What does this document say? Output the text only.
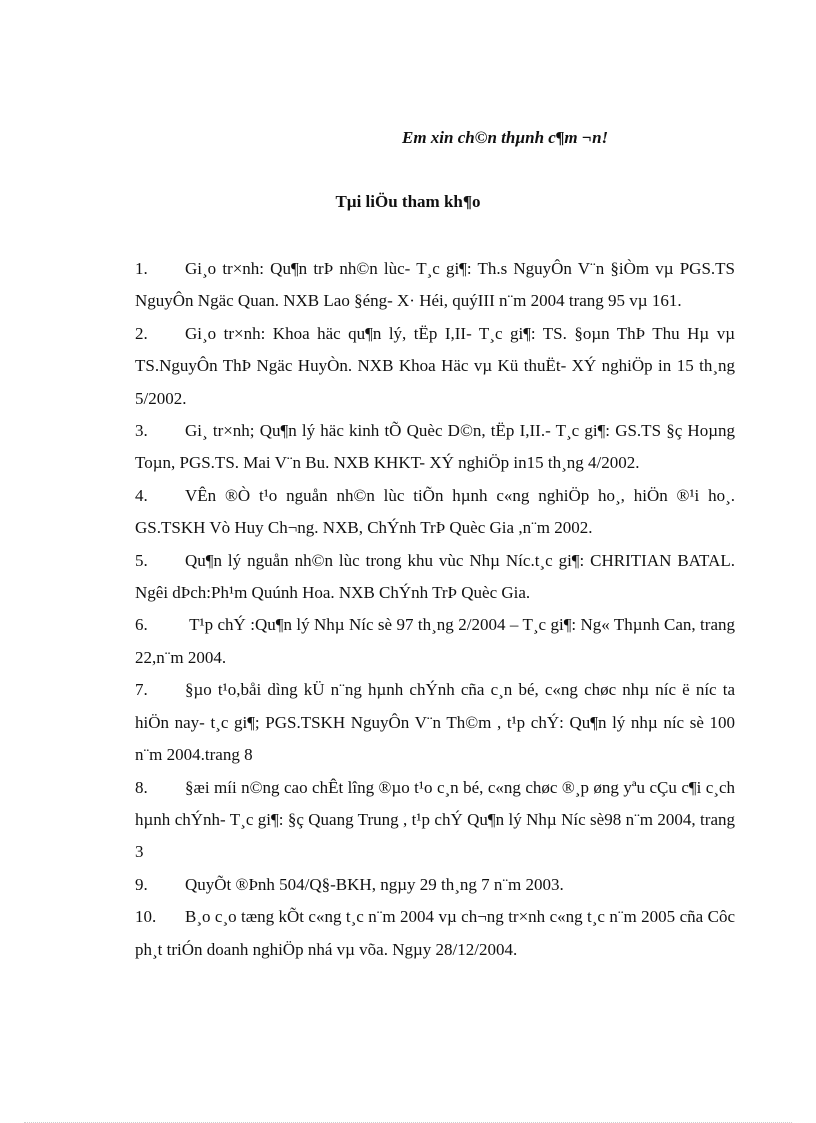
Em xin ch©n thµnh c¶m ¬n!
Tµi liÖu tham kh¶o
1. Gi¸o tr×nh: Qu¶n trÞ nh©n lùc- T¸c gi¶: Th.s NguyÔn V¨n §iÒm vµ PGS.TS NguyÔn Ngäc Quan. NXB Lao §éng- X· Héi, quýIII n¨m 2004 trang 95 vµ 161.
2. Gi¸o tr×nh: Khoa häc qu¶n lý, tËp I,II- T¸c gi¶: TS. §oµn ThÞ Thu Hµ vµ TS.NguyÔn ThÞ Ngäc HuyÒn. NXB Khoa Häc vµ Kü thuËt- XÝ nghiÖp in 15 th¸ng 5/2002.
3. Gi¸ tr×nh; Qu¶n lý häc kinh tÕ Quèc D©n, tËp I,II.- T¸c gi¶: GS.TS §ç Hoµng Toµn, PGS.TS. Mai V¨n Bu. NXB KHKT- XÝ nghiÖp in15 th¸ng 4/2002.
4. VÊn ®Ò t¹o nguån nh©n lùc tiÕn hµnh c«ng nghiÖp ho¸, hiÖn ®¹i ho¸. GS.TSKH Vò Huy Ch¬ng. NXB, ChÝnh TrÞ Quèc Gia ,n¨m 2002.
5. Qu¶n lý nguån nh©n lùc trong khu vùc Nhµ Níc.t¸c gi¶: CHRITIAN BATAL. Ngêi dÞch:Ph¹m Quúnh Hoa. NXB ChÝnh TrÞ Quèc Gia.
6. T¹p chÝ :Qu¶n lý Nhµ Níc sè 97 th¸ng 2/2004 – T¸c gi¶: Ng« Thµnh Can, trang 22,n¨m 2004.
7. §µo t¹o,båi dìng kÜ n¨ng hµnh chÝnh cña c¸n bé, c«ng chøc nhµ níc ë níc ta hiÖn nay- t¸c gi¶; PGS.TSKH NguyÔn V¨n Th©m , t¹p chÝ: Qu¶n lý nhµ níc sè 100 n¨m 2004.trang 8
8. §æi míi n©ng cao chÊt lîng ®µo t¹o c¸n bé, c«ng chøc ®¸p øng yªu cÇu c¶i c¸ch hµnh chÝnh- T¸c gi¶: §ç Quang Trung , t¹p chÝ Qu¶n lý Nhµ Níc sè98 n¨m 2004, trang 3
9. QuyÕt ®Þnh 504/Q§-BKH, ngµy 29 th¸ng 7 n¨m 2003.
10. B¸o c¸o tæng kÕt c«ng t¸c n¨m 2004 vµ ch¬ng tr×nh c«ng t¸c n¨m 2005 cña Côc ph¸t triÓn doanh nghiÖp nhá vµ võa. Ngµy 28/12/2004.
